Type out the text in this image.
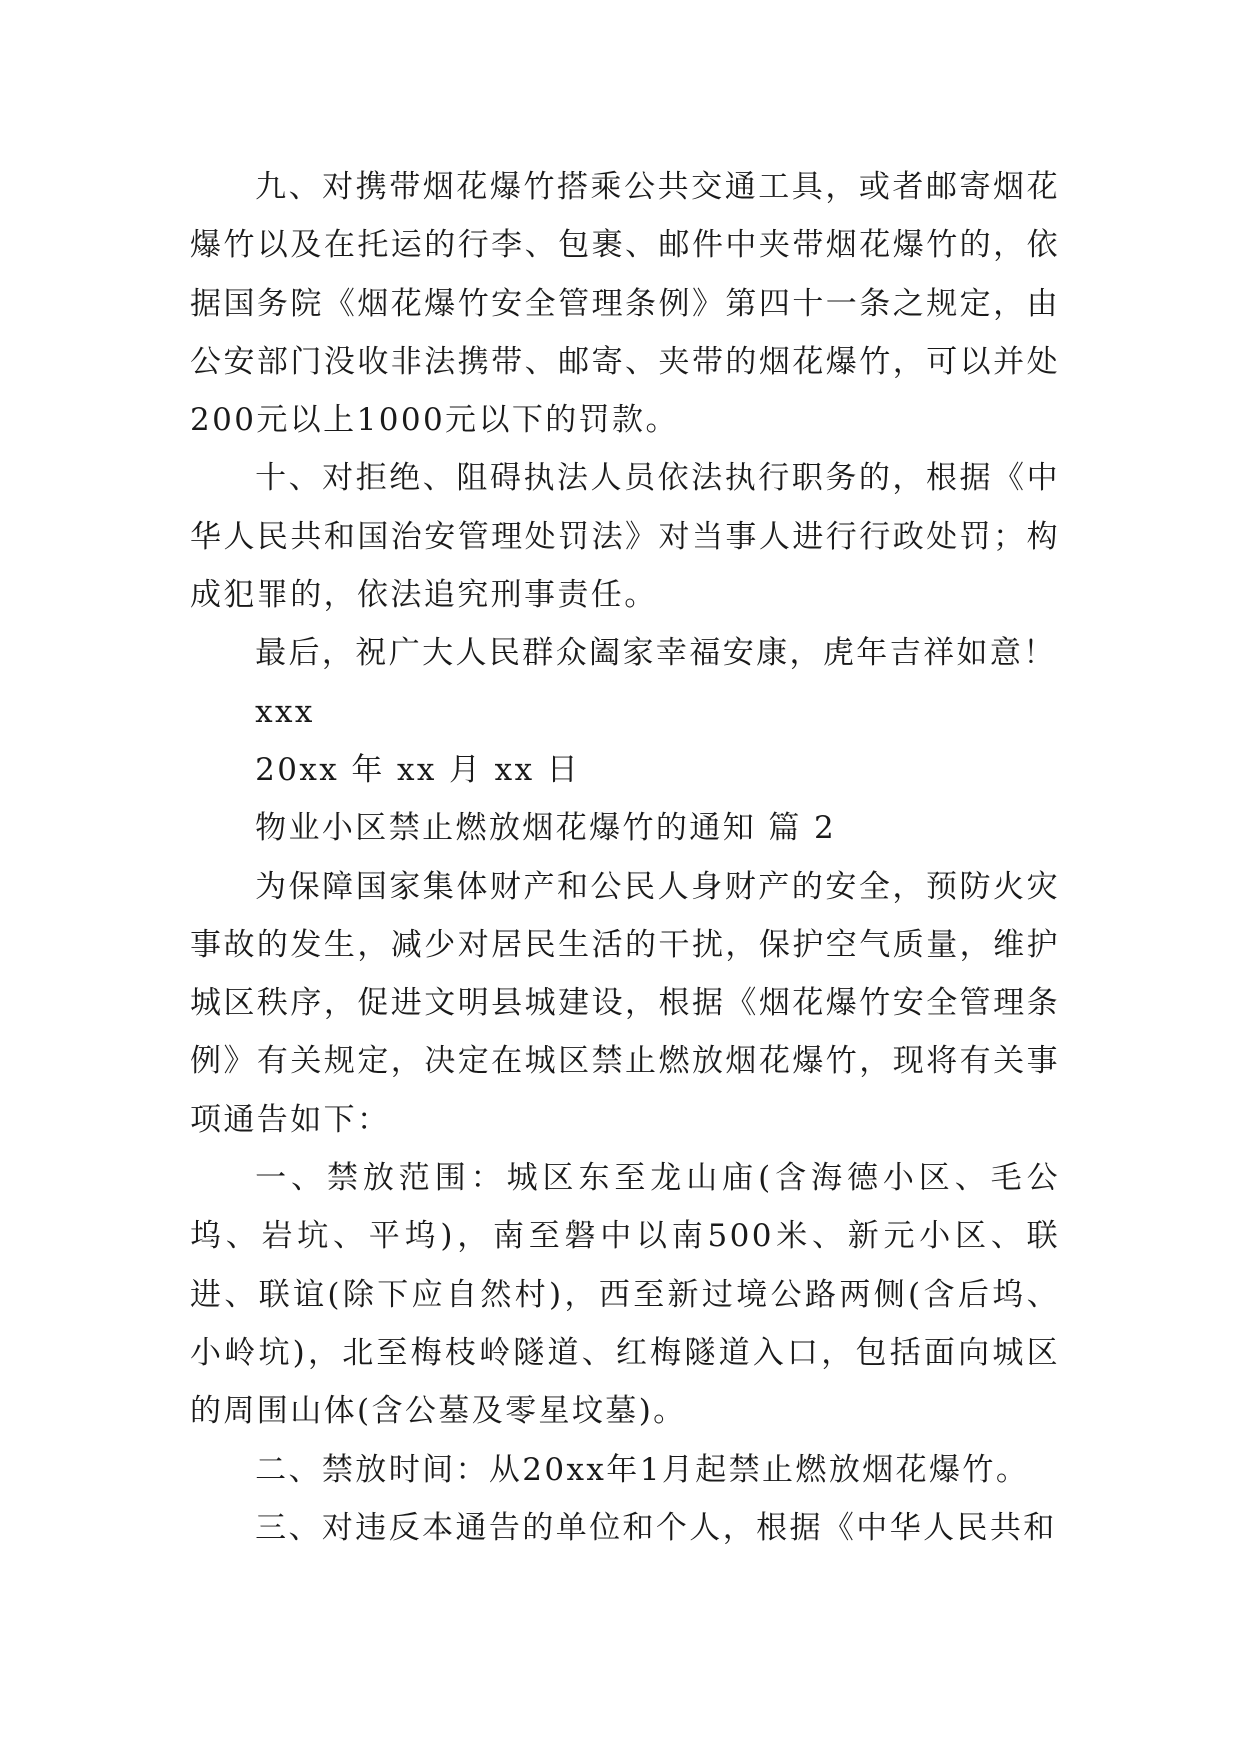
九、对携带烟花爆竹搭乘公共交通工具，或者邮寄烟花爆竹以及在托运的行李、包裹、邮件中夹带烟花爆竹的，依据国务院《烟花爆竹安全管理条例》第四十一条之规定，由公安部门没收非法携带、邮寄、夹带的烟花爆竹，可以并处200元以上1000元以下的罚款。

十、对拒绝、阻碍执法人员依法执行职务的，根据《中华人民共和国治安管理处罚法》对当事人进行行政处罚；构成犯罪的，依法追究刑事责任。

最后，祝广大人民群众阖家幸福安康，虎年吉祥如意！

xxx

20xx 年 xx 月 xx 日

物业小区禁止燃放烟花爆竹的通知 篇 2

为保障国家集体财产和公民人身财产的安全，预防火灾事故的发生，减少对居民生活的干扰，保护空气质量，维护城区秩序，促进文明县城建设，根据《烟花爆竹安全管理条例》有关规定，决定在城区禁止燃放烟花爆竹，现将有关事项通告如下：

一、禁放范围：城区东至龙山庙(含海德小区、毛公坞、岩坑、平坞)，南至磐中以南500米、新元小区、联进、联谊(除下应自然村)，西至新过境公路两侧(含后坞、小岭坑)，北至梅枝岭隧道、红梅隧道入口，包括面向城区的周围山体(含公墓及零星坟墓)。

二、禁放时间：从20xx年1月起禁止燃放烟花爆竹。

三、对违反本通告的单位和个人，根据《中华人民共和
